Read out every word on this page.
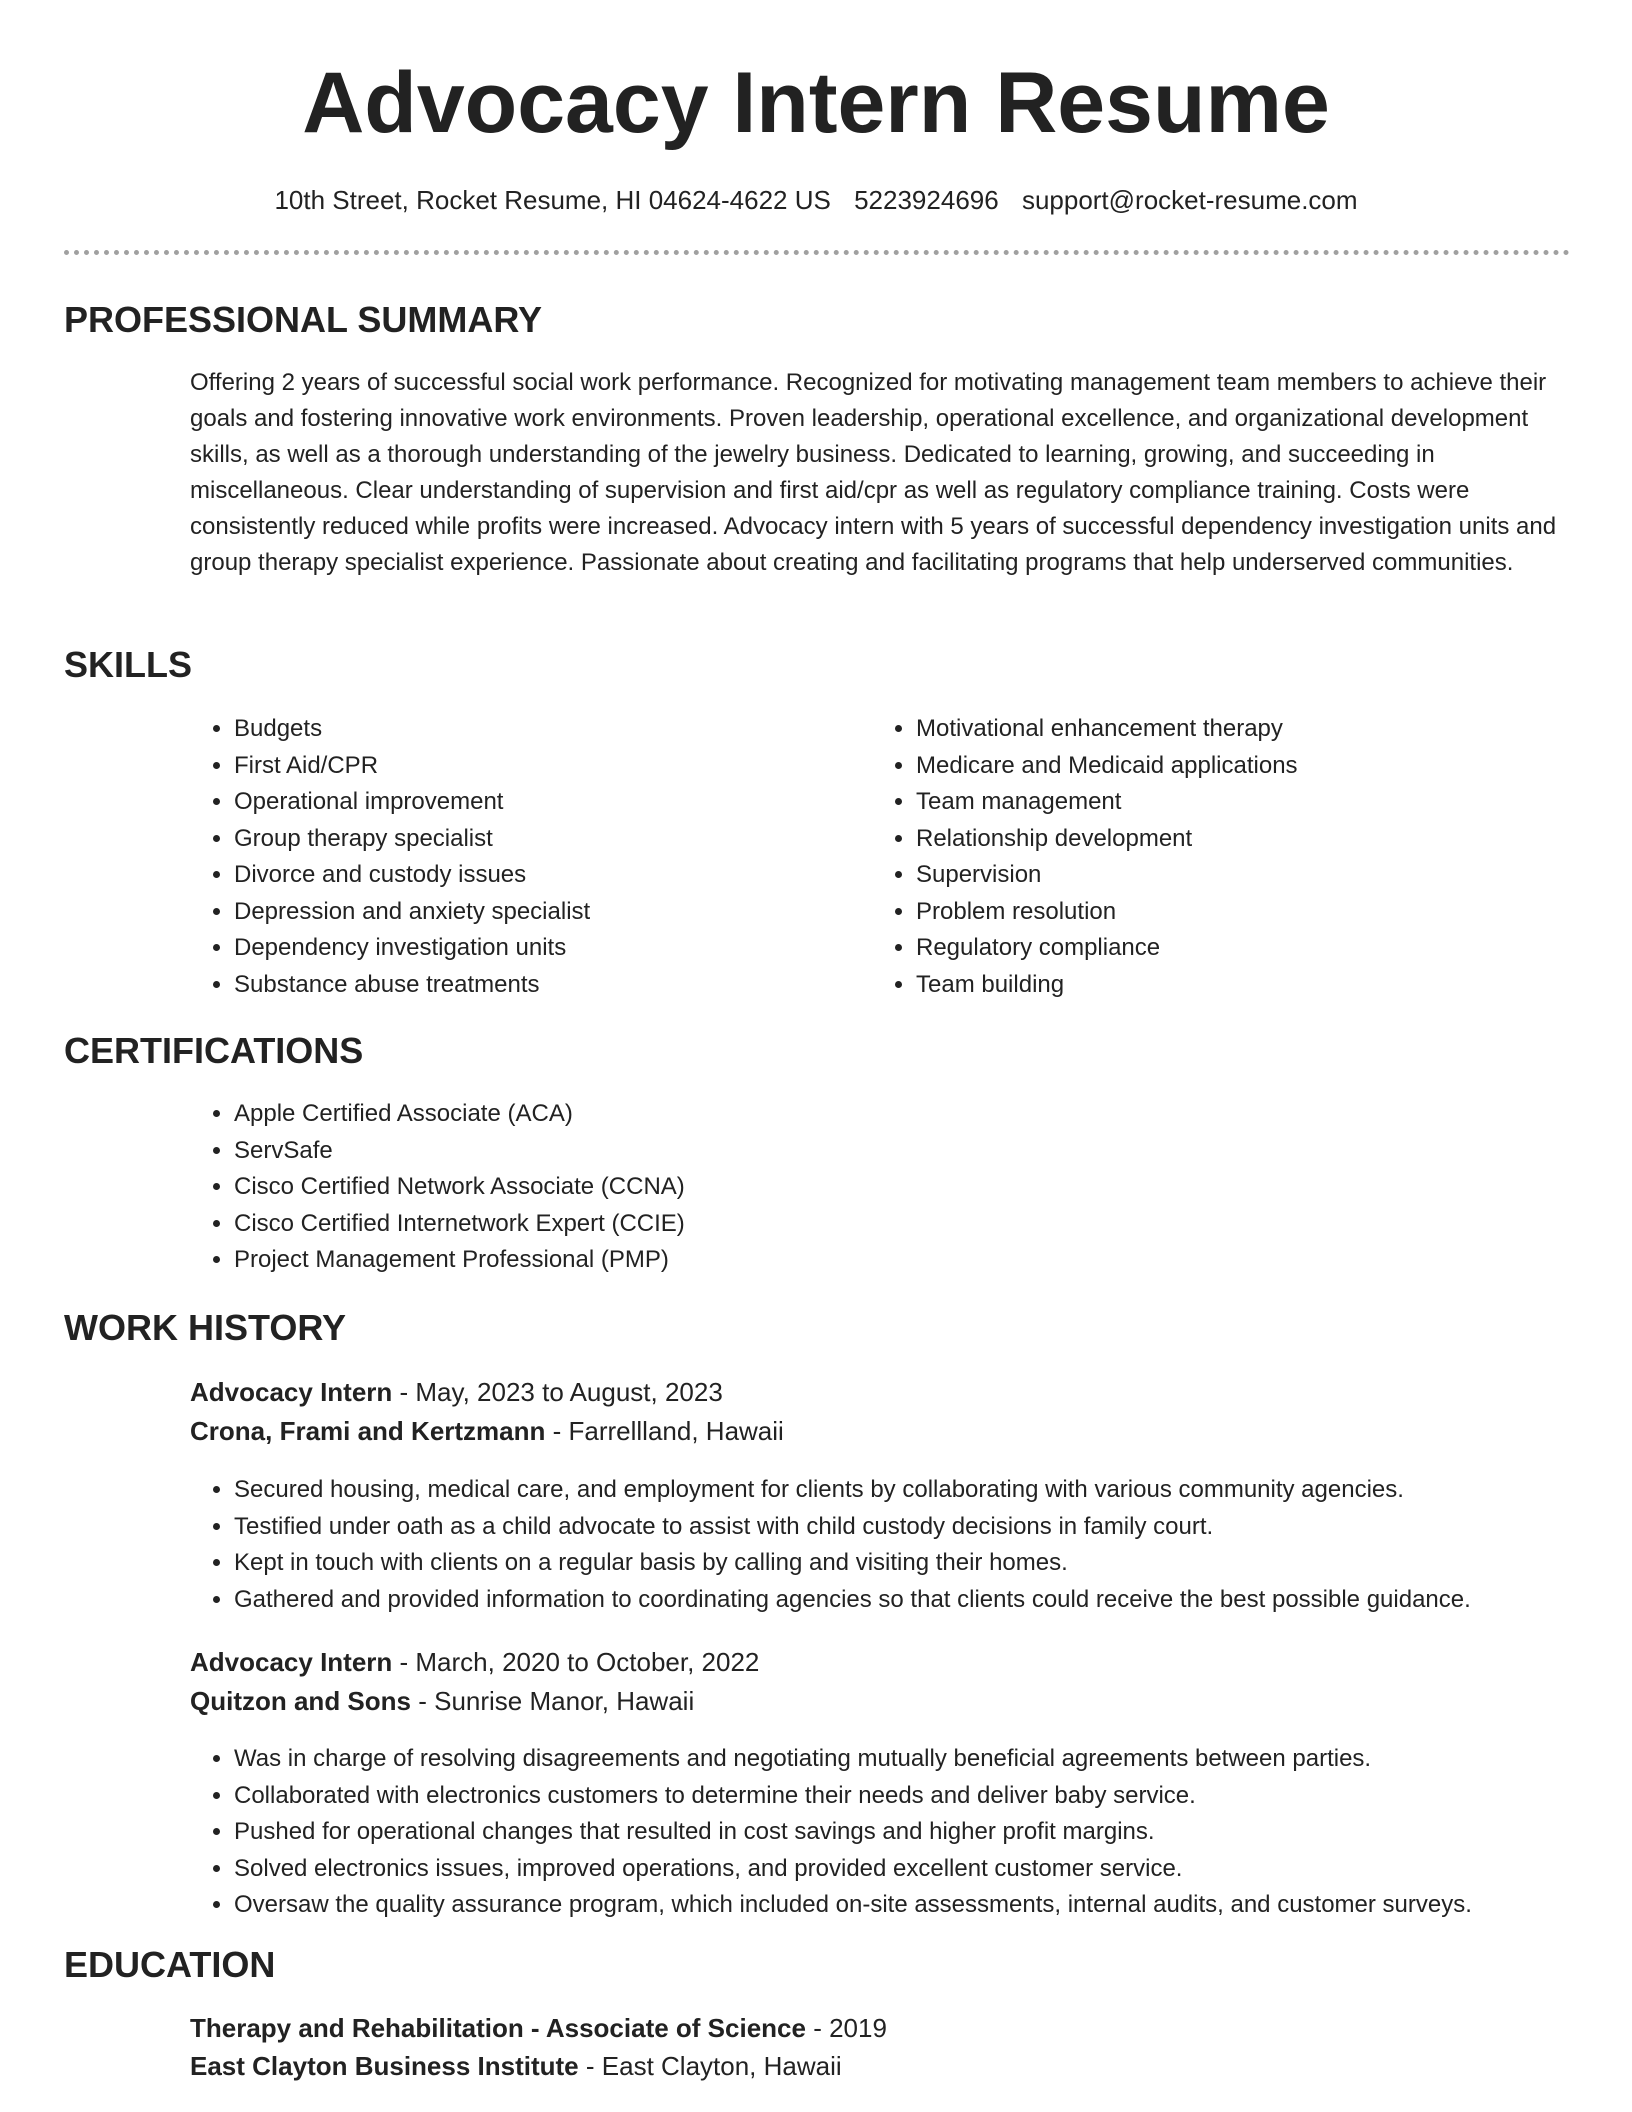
Advocacy Intern Resume
10th Street, Rocket Resume, HI 04624-4622 US 5223924696 support@rocket-resume.com
PROFESSIONAL SUMMARY

Offering 2 years of successful social work performance. Recognized for motivating management team members to achieve their goals and fostering innovative work environments. Proven leadership, operational excellence, and organizational development skills, as well as a thorough understanding of the jewelry business. Dedicated to learning, growing, and succeeding in miscellaneous. Clear understanding of supervision and first aid/cpr as well as regulatory compliance training. Costs were consistently reduced while profits were increased. Advocacy intern with 5 years of successful dependency investigation units and group therapy specialist experience. Passionate about creating and facilitating programs that help underserved communities.

SKILLS
• Budgets
• First Aid/CPR
• Operational improvement
• Group therapy specialist
• Divorce and custody issues
• Depression and anxiety specialist
• Dependency investigation units
• Substance abuse treatments
• Motivational enhancement therapy
• Medicare and Medicaid applications
• Team management
• Relationship development
• Supervision
• Problem resolution
• Regulatory compliance
• Team building
CERTIFICATIONS
• Apple Certified Associate (ACA)
• ServSafe
• Cisco Certified Network Associate (CCNA)
• Cisco Certified Internetwork Expert (CCIE)
• Project Management Professional (PMP)
WORK HISTORY
Advocacy Intern - May, 2023 to August, 2023
Crona, Frami and Kertzmann - Farrellland, Hawaii
• Secured housing, medical care, and employment for clients by collaborating with various community agencies.
• Testified under oath as a child advocate to assist with child custody decisions in family court.
• Kept in touch with clients on a regular basis by calling and visiting their homes.
• Gathered and provided information to coordinating agencies so that clients could receive the best possible guidance.
Advocacy Intern - March, 2020 to October, 2022
Quitzon and Sons - Sunrise Manor, Hawaii
• Was in charge of resolving disagreements and negotiating mutually beneficial agreements between parties.
• Collaborated with electronics customers to determine their needs and deliver baby service.
• Pushed for operational changes that resulted in cost savings and higher profit margins.
• Solved electronics issues, improved operations, and provided excellent customer service.
• Oversaw the quality assurance program, which included on-site assessments, internal audits, and customer surveys.
EDUCATION
Therapy and Rehabilitation - Associate of Science - 2019
East Clayton Business Institute - East Clayton, Hawaii
